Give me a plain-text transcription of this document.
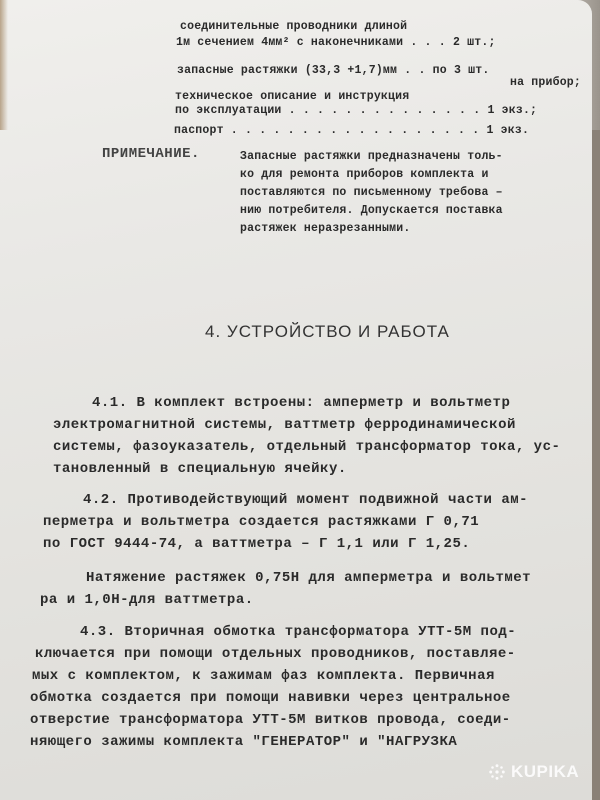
соединительные проводники длиной
1м сечением 4мм² с наконечниками . . . 2 шт.;
запасные растяжки (33,3 +1,7)мм . . по 3 шт.
на прибор;
техническое описание и инструкция
по эксплуатации . . . . . . . . . . . . . . 1 экз.;
паспорт . . . . . . . . . . . . . . . . . . 1 экз.
ПРИМЕЧАНИЕ.	Запасные растяжки предназначены толь-
ко для ремонта приборов комплекта и
поставляются по письменному требова –
нию потребителя. Допускается поставка
растяжек неразрезанными.
4. УСТРОЙСТВО И РАБОТА
4.1. В комплект встроены: амперметр и вольтметр
электромагнитной системы, ваттметр ферродинамической
системы, фазоуказатель, отдельный трансформатор тока, ус-
тановленный в специальную ячейку.
4.2. Противодействующий момент подвижной части ам-
перметра и вольтметра создается растяжками Г 0,71
по ГОСТ 9444-74, а ваттметра – Г 1,1 или Г 1,25.
Натяжение растяжек 0,75Н для амперметра и вольтмет
ра и 1,0Н-для ваттметра.
4.3. Вторичная обмотка трансформатора УТТ-5М под-
ключается при помощи отдельных проводников, поставляе-
мых с комплектом, к зажимам фаз комплекта. Первичная
обмотка создается при помощи навивки через центральное
отверстие трансформатора УТТ-5М витков провода, соеди-
няющего зажимы комплекта "ГЕНЕРАТОР" и "НАГРУЗКА
KUPIKA
